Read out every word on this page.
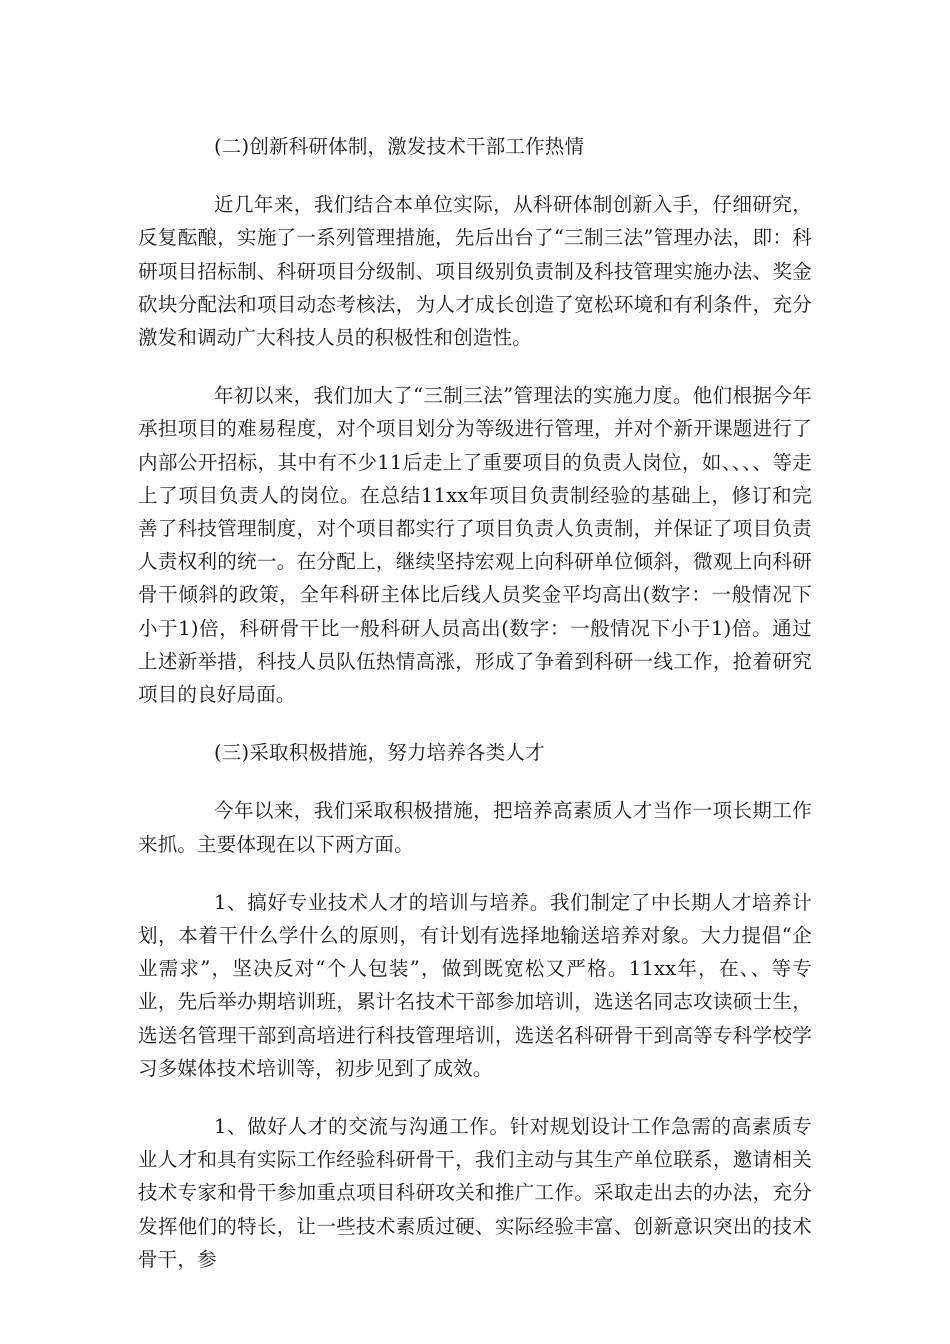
(二)创新科研体制，激发技术干部工作热情

近几年来，我们结合本单位实际，从科研体制创新入手，仔细研究，反复酝酿，实施了一系列管理措施，先后出台了“三制三法”管理办法，即：科研项目招标制、科研项目分级制、项目级别负责制及科技管理实施办法、奖金砍块分配法和项目动态考核法，为人才成长创造了宽松环境和有利条件，充分激发和调动广大科技人员的积极性和创造性。

年初以来，我们加大了“三制三法”管理法的实施力度。他们根据今年承担项目的难易程度，对个项目划分为等级进行管理，并对个新开课题进行了内部公开招标，其中有不少11后走上了重要项目的负责人岗位，如、、、、等走上了项目负责人的岗位。在总结11xx年项目负责制经验的基础上，修订和完善了科技管理制度，对个项目都实行了项目负责人负责制，并保证了项目负责人责权利的统一。在分配上，继续坚持宏观上向科研单位倾斜，微观上向科研骨干倾斜的政策，全年科研主体比后线人员奖金平均高出(数字：一般情况下小于1)倍，科研骨干比一般科研人员高出(数字：一般情况下小于1)倍。通过上述新举措，科技人员队伍热情高涨，形成了争着到科研一线工作，抢着研究项目的良好局面。

(三)采取积极措施，努力培养各类人才

今年以来，我们采取积极措施，把培养高素质人才当作一项长期工作来抓。主要体现在以下两方面。

1、搞好专业技术人才的培训与培养。我们制定了中长期人才培养计划，本着干什么学什么的原则，有计划有选择地输送培养对象。大力提倡“企业需求”，坚决反对“个人包装”，做到既宽松又严格。11xx年，在、、等专业，先后举办期培训班，累计名技术干部参加培训，选送名同志攻读硕士生，选送名管理干部到高培进行科技管理培训，选送名科研骨干到高等专科学校学习多媒体技术培训等，初步见到了成效。

1、做好人才的交流与沟通工作。针对规划设计工作急需的高素质专业人才和具有实际工作经验科研骨干，我们主动与其生产单位联系，邀请相关技术专家和骨干参加重点项目科研攻关和推广工作。采取走出去的办法，充分发挥他们的特长，让一些技术素质过硬、实际经验丰富、创新意识突出的技术骨干，参
